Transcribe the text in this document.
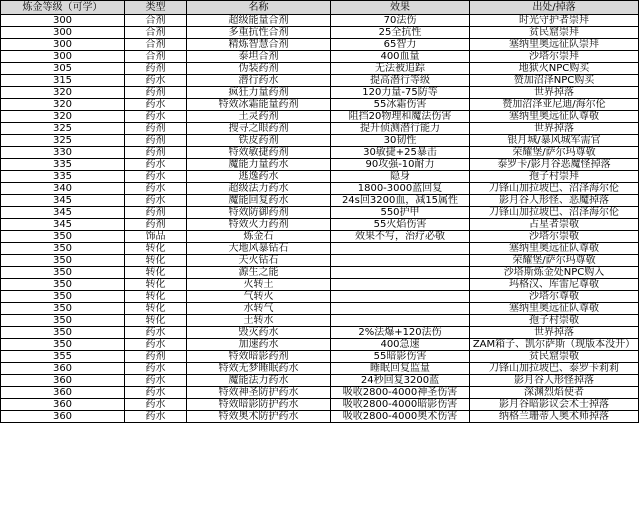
炼金等级（可学）	类型	名称	效果	出处/掉落
300	合剂	超级能量合剂	70法伤	时光守护者崇拜
300	合剂	多重抗性合剂	25全抗性	贫民窟崇拜
300	合剂	精炼智慧合剂	65智力	塞纳里奥远征队崇拜
300	合剂	泰坦合剂	400血量	沙塔尔崇拜
305	药剂	伪装药剂	无法被追踪	地狱火NPC购买
315	药水	潜行药水	提高潜行等级	赞加沼泽NPC购买
320	药剂	疯狂力量药剂	120力量-75防等	世界掉落
320	药水	特效冰霜能量药剂	55冰霜伤害	赞加沼泽亚尼迪/海尔伦
320	药水	土灵药剂	阻挡20物理和魔法伤害	塞纳里奥远征队尊敬
325	药剂	搜寻之眼药剂	提升侦测潜行能力	世界掉落
325	药剂	铁皮药剂	30韧性	银月城/暴风城军需官
330	药剂	特效敏捷药剂	30敏捷+25暴击	荣耀堡/萨尔玛尊敬
335	药水	魔能力量药水	90攻强-10耐力	泰罗卡/影月谷恶魔怪掉落
335	药水	逃逸药水	隐身	孢子村崇拜
340	药水	超级法力药水	1800-3000蓝回复	刀锋山加拉坡巴、沼泽海尔伦
345	药水	魔能回复药水	24s回3200血，减15属性	影月谷人形怪、恶魔掉落
345	药剂	特效防御药剂	550护甲	刀锋山加拉坡巴、沼泽海尔伦
345	药剂	特效火力药剂	55火焰伤害	占星者崇敬
350	饰品	炼金石	效果不写，治疗必敬	沙塔尔崇敬
350	转化	大地风暴钻石		塞纳里奥远征队尊敬
350	转化	天火钻石		荣耀堡/萨尔玛尊敬
350	转化	源生之能		沙塔斯炼金处NPC购入
350	转化	火转土		玛格汉、库雷尼尊敬
350	转化	气转火		沙塔尔尊敬
350	转化	水转气		塞纳里奥远征队尊敬
350	转化	土转水		孢子村崇敬
350	药水	毁灭药水	2%法爆+120法伤	世界掉落
350	药水	加速药水	400急速	ZAM箱子、凯尔萨斯（现版本没开）
355	药剂	特效暗影药剂	55暗影伤害	贫民窟崇敬
360	药水	特效无梦睡眠药水	睡眠回复监量	刀锋山加拉坡巴、泰罗卡莉莉
360	药水	魔能法力药水	24秒回复3200蓝	影月谷人形怪掉落
360	药水	特效神圣防护药水	吸收2800-4000神圣伤害	深渊烈焰使者
360	药水	特效暗影防护药水	吸收2800-4000暗影伤害	影月谷暗影议会术士掉落
360	药水	特效奥术防护药水	吸收2800-4000奥术伤害	纳格兰珊蒂人奥术师掉落
